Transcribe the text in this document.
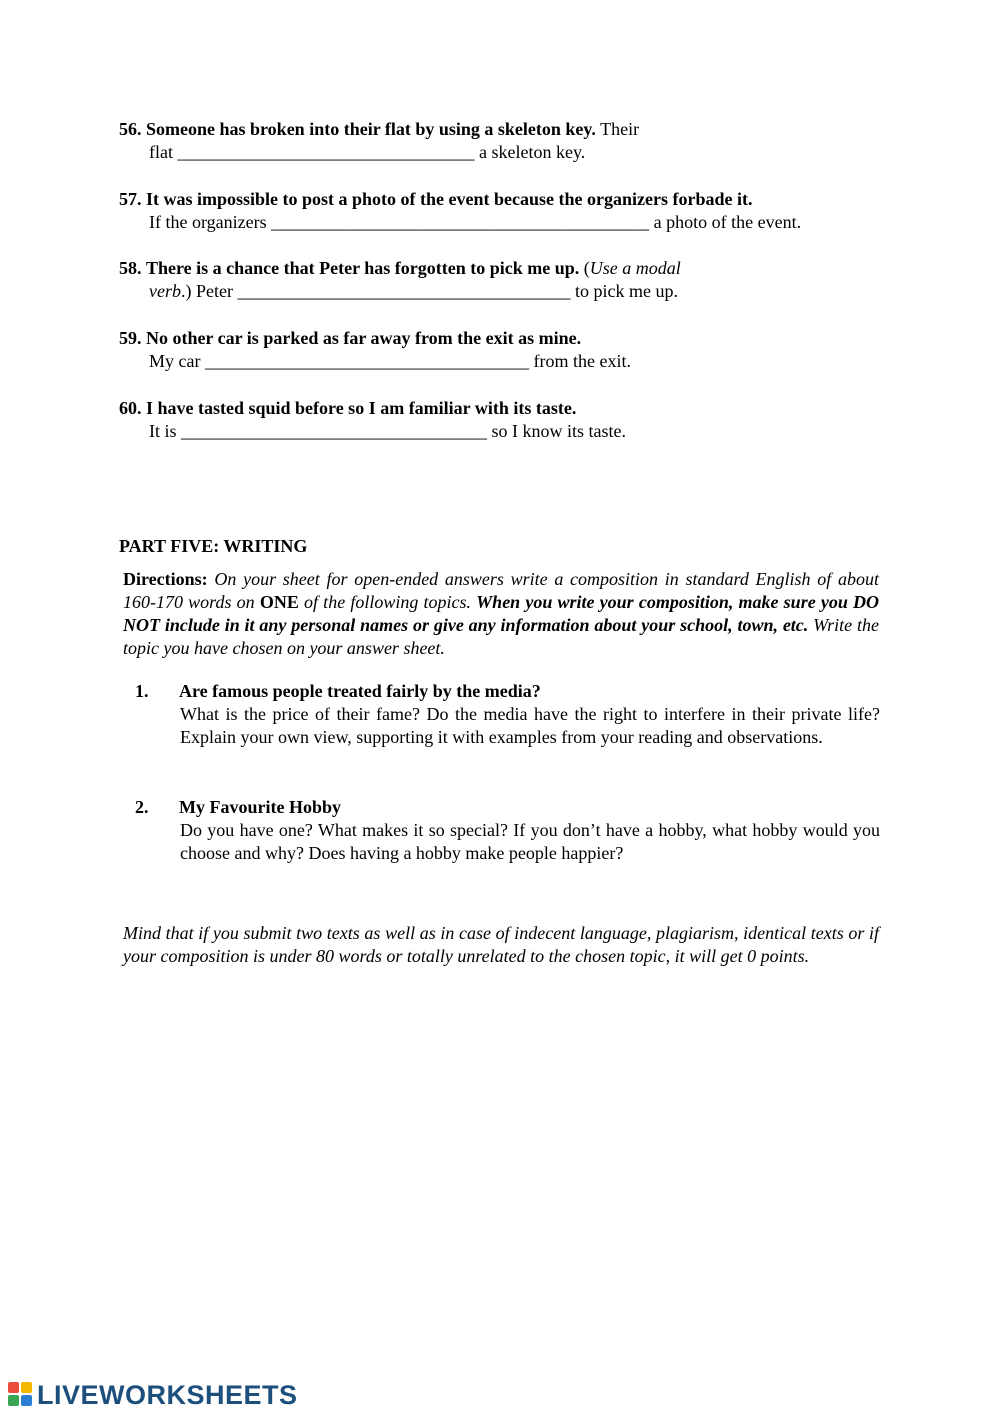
56. Someone has broken into their flat by using a skeleton key. Their
flat _________________________________ a skeleton key.
57. It was impossible to post a photo of the event because the organizers forbade it.
If the organizers __________________________________________ a photo of the event.
58. There is a chance that Peter has forgotten to pick me up. (Use a modal
verb.) Peter _____________________________________ to pick me up.
59. No other car is parked as far away from the exit as mine.
My car ____________________________________ from the exit.
60. I have tasted squid before so I am familiar with its taste.
It is __________________________________ so I know its taste.
PART FIVE: WRITING
Directions: On your sheet for open-ended answers write a composition in standard English of about 160-170 words on ONE of the following topics. When you write your composition, make sure you DO NOT include in it any personal names or give any information about your school, town, etc. Write the topic you have chosen on your answer sheet.
1. Are famous people treated fairly by the media?
What is the price of their fame? Do the media have the right to interfere in their private life? Explain your own view, supporting it with examples from your reading and observations.
2. My Favourite Hobby
Do you have one? What makes it so special? If you don’t have a hobby, what hobby would you choose and why? Does having a hobby make people happier?
Mind that if you submit two texts as well as in case of indecent language, plagiarism, identical texts or if your composition is under 80 words or totally unrelated to the chosen topic, it will get 0 points.
LIVEWORKSHEETS
